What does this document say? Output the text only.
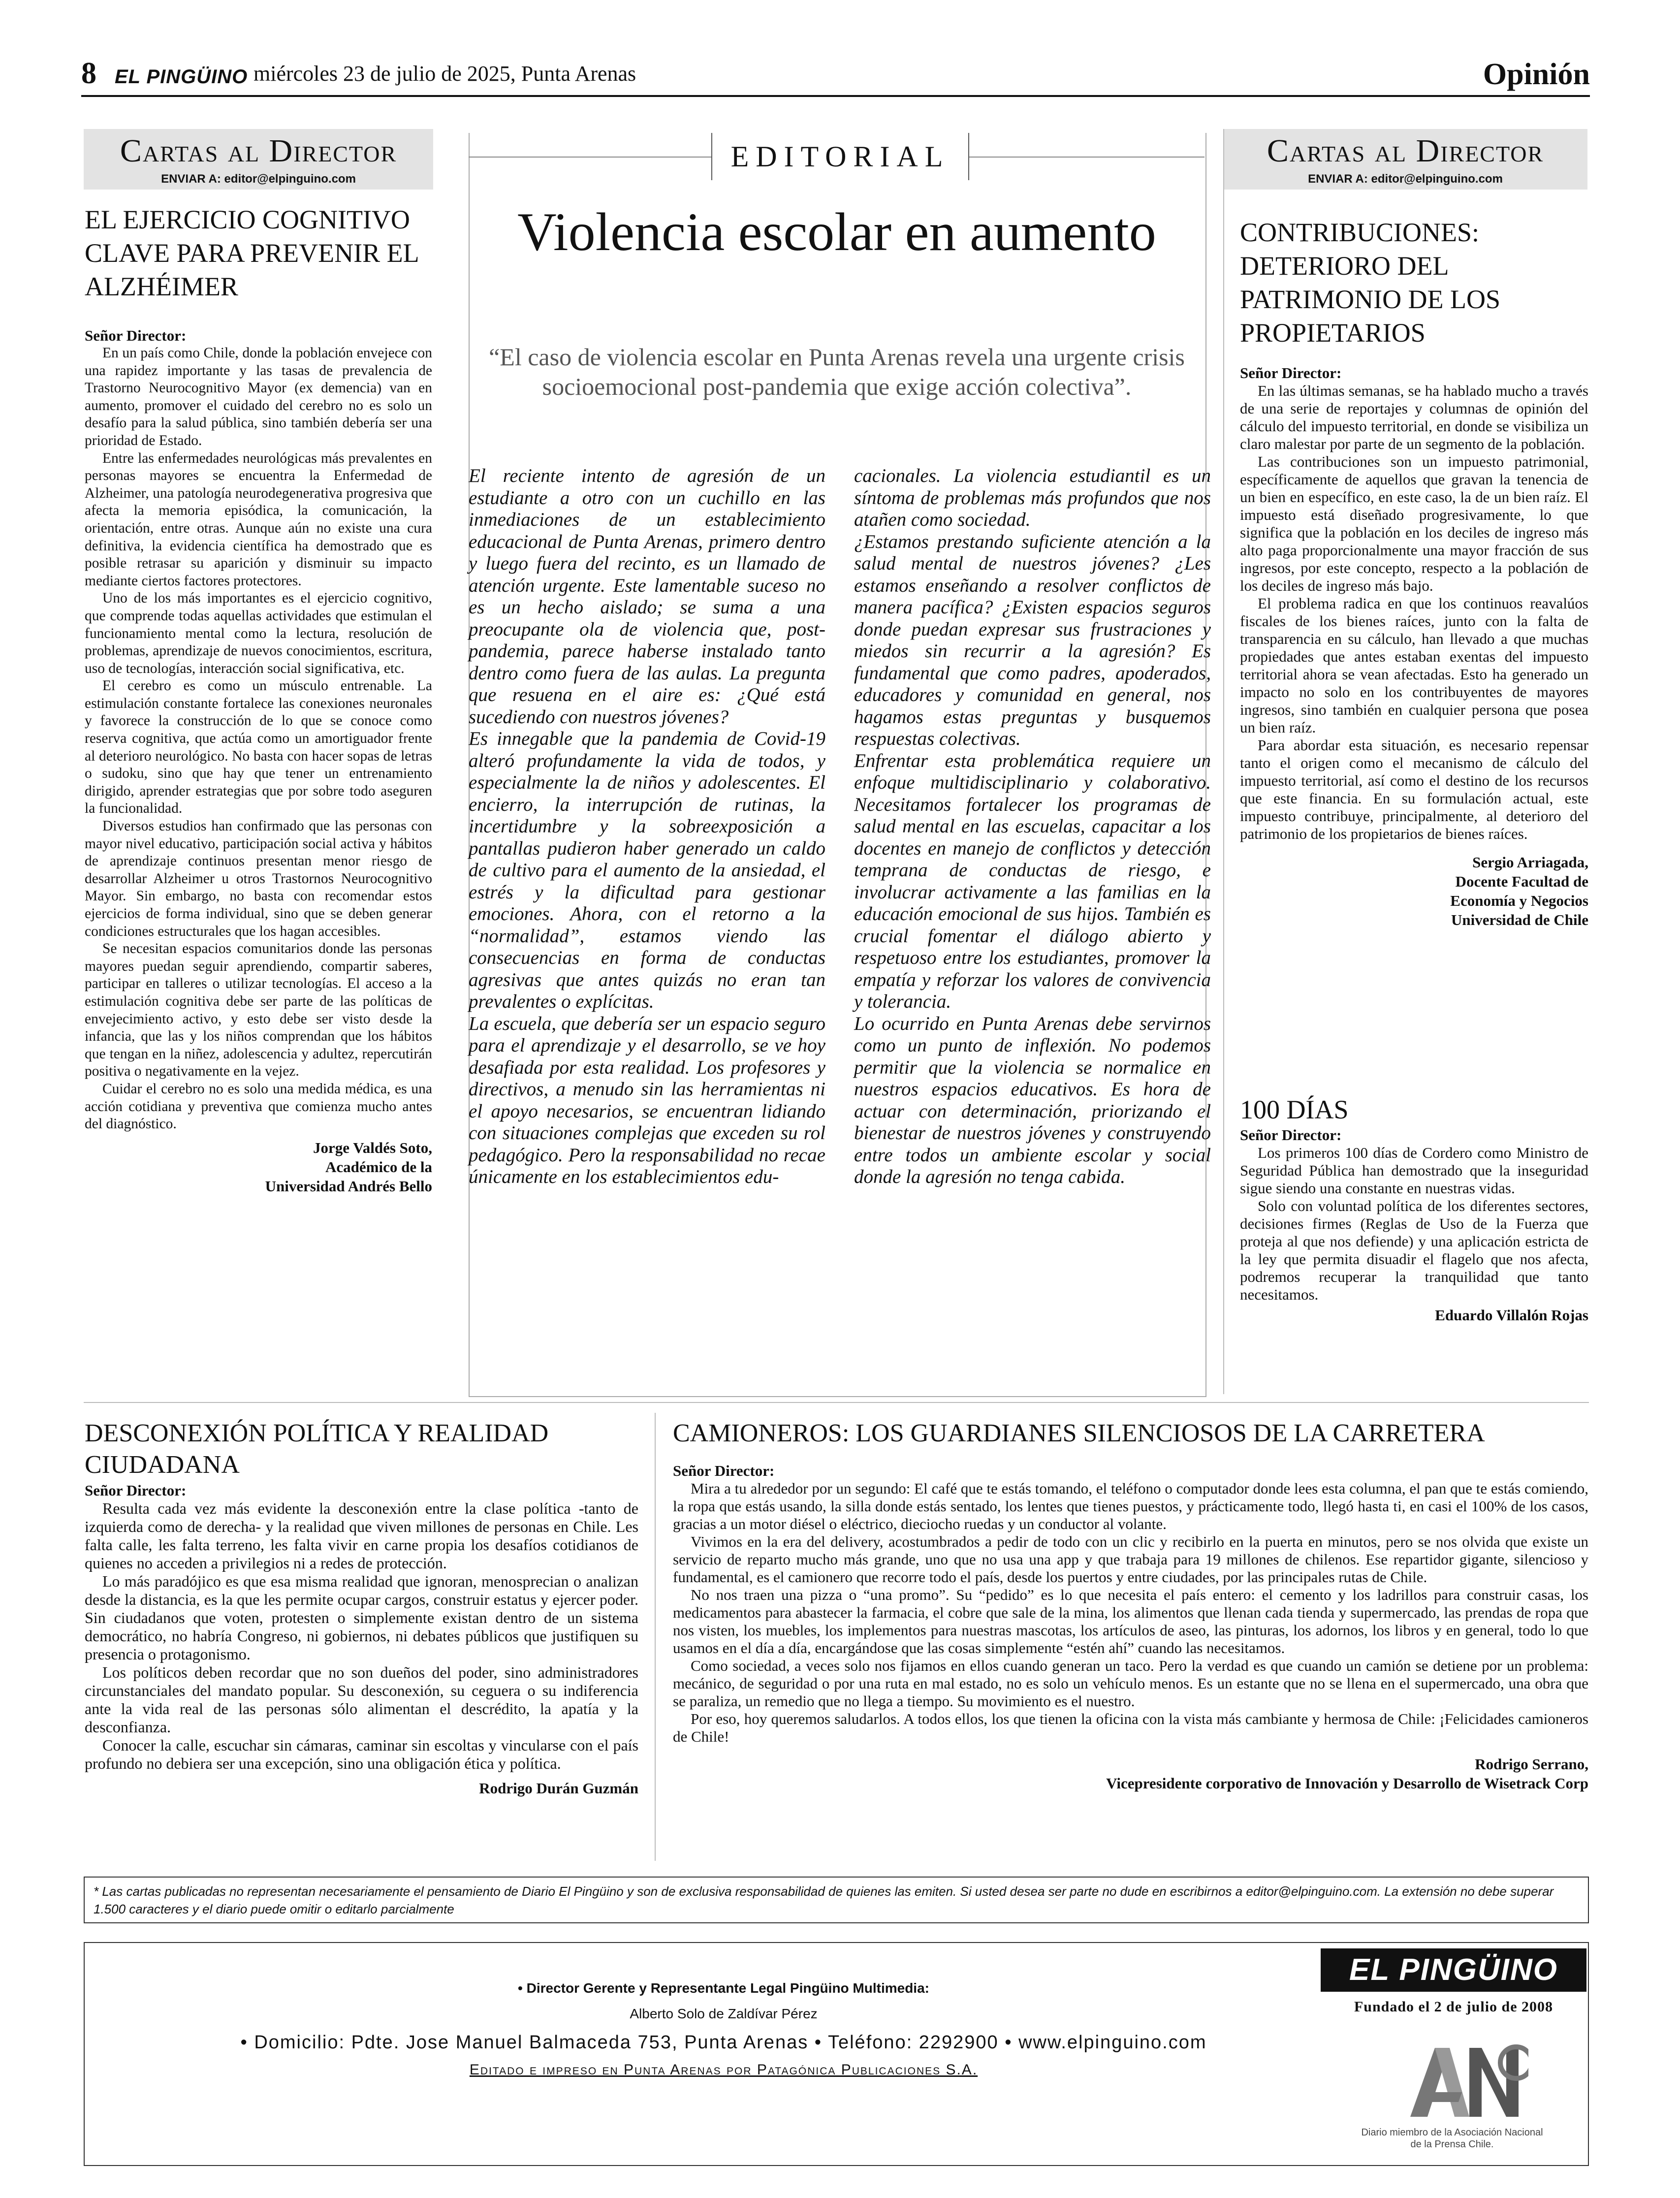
8 EL PINGÜINO miércoles 23 de julio de 2025, Punta Arenas	Opinión
Cartas al Director
ENVIAR A: editor@elpinguino.com
EL EJERCICIO COGNITIVO CLAVE PARA PREVENIR EL ALZHÉIMER
Señor Director:

En un país como Chile, donde la población envejece con una rapidez importante y las tasas de prevalencia de Trastorno Neurocognitivo Mayor (ex demencia) van en aumento, promover el cuidado del cerebro no es solo un desafío para la salud pública, sino también debería ser una prioridad de Estado.

Entre las enfermedades neurológicas más prevalentes en personas mayores se encuentra la Enfermedad de Alzheimer, una patología neurodegenerativa progresiva que afecta la memoria episódica, la comunicación, la orientación, entre otras. Aunque aún no existe una cura definitiva, la evidencia científica ha demostrado que es posible retrasar su aparición y disminuir su impacto mediante ciertos factores protectores.

Uno de los más importantes es el ejercicio cognitivo, que comprende todas aquellas actividades que estimulan el funcionamiento mental como la lectura, resolución de problemas, aprendizaje de nuevos conocimientos, escritura, uso de tecnologías, interacción social significativa, etc.

El cerebro es como un músculo entrenable. La estimulación constante fortalece las conexiones neuronales y favorece la construcción de lo que se conoce como reserva cognitiva, que actúa como un amortiguador frente al deterioro neurológico. No basta con hacer sopas de letras o sudoku, sino que hay que tener un entrenamiento dirigido, aprender estrategias que por sobre todo aseguren la funcionalidad.

Diversos estudios han confirmado que las personas con mayor nivel educativo, participación social activa y hábitos de aprendizaje continuos presentan menor riesgo de desarrollar Alzheimer u otros Trastornos Neurocognitivo Mayor. Sin embargo, no basta con recomendar estos ejercicios de forma individual, sino que se deben generar condiciones estructurales que los hagan accesibles.

Se necesitan espacios comunitarios donde las personas mayores puedan seguir aprendiendo, compartir saberes, participar en talleres o utilizar tecnologías. El acceso a la estimulación cognitiva debe ser parte de las políticas de envejecimiento activo, y esto debe ser visto desde la infancia, que las y los niños comprendan que los hábitos que tengan en la niñez, adolescencia y adultez, repercutirán positiva o negativamente en la vejez.

Cuidar el cerebro no es solo una medida médica, es una acción cotidiana y preventiva que comienza mucho antes del diagnóstico.

Jorge Valdés Soto,
Académico de la
Universidad Andrés Bello
EDITORIAL
Violencia escolar en aumento
“El caso de violencia escolar en Punta Arenas revela una urgente crisis socioemocional post-pandemia que exige acción colectiva”.

El reciente intento de agresión de un estudiante a otro con un cuchillo en las inmediaciones de un establecimiento educacional de Punta Arenas, primero dentro y luego fuera del recinto, es un llamado de atención urgente. Este lamentable suceso no es un hecho aislado; se suma a una preocupante ola de violencia que, post-pandemia, parece haberse instalado tanto dentro como fuera de las aulas. La pregunta que resuena en el aire es: ¿Qué está sucediendo con nuestros jóvenes?

Es innegable que la pandemia de Covid-19 alteró profundamente la vida de todos, y especialmente la de niños y adolescentes. El encierro, la interrupción de rutinas, la incertidumbre y la sobreexposición a pantallas pudieron haber generado un caldo de cultivo para el aumento de la ansiedad, el estrés y la dificultad para gestionar emociones. Ahora, con el retorno a la “normalidad”, estamos viendo las consecuencias en forma de conductas agresivas que antes quizás no eran tan prevalentes o explícitas.

La escuela, que debería ser un espacio seguro para el aprendizaje y el desarrollo, se ve hoy desafiada por esta realidad. Los profesores y directivos, a menudo sin las herramientas ni el apoyo necesarios, se encuentran lidiando con situaciones complejas que exceden su rol pedagógico. Pero la responsabilidad no recae únicamente en los establecimientos edu-

cacionales. La violencia estudiantil es un síntoma de problemas más profundos que nos atañen como sociedad.

¿Estamos prestando suficiente atención a la salud mental de nuestros jóvenes? ¿Les estamos enseñando a resolver conflictos de manera pacífica? ¿Existen espacios seguros donde puedan expresar sus frustraciones y miedos sin recurrir a la agresión? Es fundamental que como padres, apoderados, educadores y comunidad en general, nos hagamos estas preguntas y busquemos respuestas colectivas.

Enfrentar esta problemática requiere un enfoque multidisciplinario y colaborativo. Necesitamos fortalecer los programas de salud mental en las escuelas, capacitar a los docentes en manejo de conflictos y detección temprana de conductas de riesgo, e involucrar activamente a las familias en la educación emocional de sus hijos. También es crucial fomentar el diálogo abierto y respetuoso entre los estudiantes, promover la empatía y reforzar los valores de convivencia y tolerancia.

Lo ocurrido en Punta Arenas debe servirnos como un punto de inflexión. No podemos permitir que la violencia se normalice en nuestros espacios educativos. Es hora de actuar con determinación, priorizando el bienestar de nuestros jóvenes y construyendo entre todos un ambiente escolar y social donde la agresión no tenga cabida.

Cartas al Director
ENVIAR A: editor@elpinguino.com
CONTRIBUCIONES: DETERIORO DEL PATRIMONIO DE LOS PROPIETARIOS
Señor Director:

En las últimas semanas, se ha hablado mucho a través de una serie de reportajes y columnas de opinión del cálculo del impuesto territorial, en donde se visibiliza un claro malestar por parte de un segmento de la población.

Las contribuciones son un impuesto patrimonial, específicamente de aquellos que gravan la tenencia de un bien en específico, en este caso, la de un bien raíz. El impuesto está diseñado progresivamente, lo que significa que la población en los deciles de ingreso más alto paga proporcionalmente una mayor fracción de sus ingresos, por este concepto, respecto a la población de los deciles de ingreso más bajo.

El problema radica en que los continuos reavalúos fiscales de los bienes raíces, junto con la falta de transparencia en su cálculo, han llevado a que muchas propiedades que antes estaban exentas del impuesto territorial ahora se vean afectadas. Esto ha generado un impacto no solo en los contribuyentes de mayores ingresos, sino también en cualquier persona que posea un bien raíz.

Para abordar esta situación, es necesario repensar tanto el origen como el mecanismo de cálculo del impuesto territorial, así como el destino de los recursos que este financia. En su formulación actual, este impuesto contribuye, principalmente, al deterioro del patrimonio de los propietarios de bienes raíces.

Sergio Arriagada,
Docente Facultad de
Economía y Negocios
Universidad de Chile
100 DÍAS
Señor Director:

Los primeros 100 días de Cordero como Ministro de Seguridad Pública han demostrado que la inseguridad sigue siendo una constante en nuestras vidas.

Solo con voluntad política de los diferentes sectores, decisiones firmes (Reglas de Uso de la Fuerza que proteja al que nos defiende) y una aplicación estricta de la ley que permita disuadir el flagelo que nos afecta, podremos recuperar la tranquilidad que tanto necesitamos.

Eduardo Villalón Rojas
DESCONEXIÓN POLÍTICA Y REALIDAD CIUDADANA
Señor Director:

Resulta cada vez más evidente la desconexión entre la clase política -tanto de izquierda como de derecha- y la realidad que viven millones de personas en Chile. Les falta calle, les falta terreno, les falta vivir en carne propia los desafíos cotidianos de quienes no acceden a privilegios ni a redes de protección.

Lo más paradójico es que esa misma realidad que ignoran, menosprecian o analizan desde la distancia, es la que les permite ocupar cargos, construir estatus y ejercer poder. Sin ciudadanos que voten, protesten o simplemente existan dentro de un sistema democrático, no habría Congreso, ni gobiernos, ni debates públicos que justifiquen su presencia o protagonismo.

Los políticos deben recordar que no son dueños del poder, sino administradores circunstanciales del mandato popular. Su desconexión, su ceguera o su indiferencia ante la vida real de las personas sólo alimentan el descrédito, la apatía y la desconfianza.

Conocer la calle, escuchar sin cámaras, caminar sin escoltas y vincularse con el país profundo no debiera ser una excepción, sino una obligación ética y política.

Rodrigo Durán Guzmán
CAMIONEROS: LOS GUARDIANES SILENCIOSOS DE LA CARRETERA
Señor Director:

Mira a tu alrededor por un segundo: El café que te estás tomando, el teléfono o computador donde lees esta columna, el pan que te estás comiendo, la ropa que estás usando, la silla donde estás sentado, los lentes que tienes puestos, y prácticamente todo, llegó hasta ti, en casi el 100% de los casos, gracias a un motor diésel o eléctrico, dieciocho ruedas y un conductor al volante.

Vivimos en la era del delivery, acostumbrados a pedir de todo con un clic y recibirlo en la puerta en minutos, pero se nos olvida que existe un servicio de reparto mucho más grande, uno que no usa una app y que trabaja para 19 millones de chilenos. Ese repartidor gigante, silencioso y fundamental, es el camionero que recorre todo el país, desde los puertos y entre ciudades, por las principales rutas de Chile.

No nos traen una pizza o “una promo”. Su “pedido” es lo que necesita el país entero: el cemento y los ladrillos para construir casas, los medicamentos para abastecer la farmacia, el cobre que sale de la mina, los alimentos que llenan cada tienda y supermercado, las prendas de ropa que nos visten, los muebles, los implementos para nuestras mascotas, los artículos de aseo, las pinturas, los adornos, los libros y en general, todo lo que usamos en el día a día, encargándose que las cosas simplemente “estén ahí” cuando las necesitamos.

Como sociedad, a veces solo nos fijamos en ellos cuando generan un taco. Pero la verdad es que cuando un camión se detiene por un problema: mecánico, de seguridad o por una ruta en mal estado, no es solo un vehículo menos. Es un estante que no se llena en el supermercado, una obra que se paraliza, un remedio que no llega a tiempo. Su movimiento es el nuestro.

Por eso, hoy queremos saludarlos. A todos ellos, los que tienen la oficina con la vista más cambiante y hermosa de Chile: ¡Felicidades camioneros de Chile!

Rodrigo Serrano,
Vicepresidente corporativo de Innovación y Desarrollo de Wisetrack Corp
* Las cartas publicadas no representan necesariamente el pensamiento de Diario El Pingüino y son de exclusiva responsabilidad de quienes las emiten. Si usted desea ser parte no dude en escribirnos a editor@elpinguino.com. La extensión no debe superar 1.500 caracteres y el diario puede omitir o editarlo parcialmente
• Director Gerente y Representante Legal Pingüino Multimedia:
Alberto Solo de Zaldívar Pérez
• Domicilio: Pdte. Jose Manuel Balmaceda 753, Punta Arenas • Teléfono: 2292900 • www.elpinguino.com
Editado e impreso en Punta Arenas por Patagónica Publicaciones S.A.
EL PINGÜINO
Fundado el 2 de julio de 2008
Diario miembro de la Asociación Nacional de la Prensa Chile.
